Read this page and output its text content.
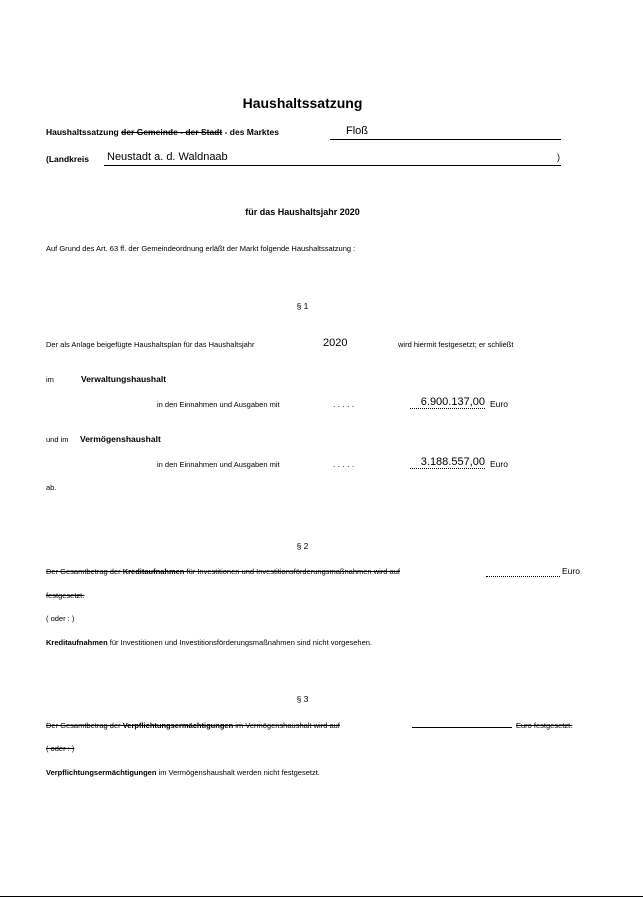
Haushaltssatzung
Haushaltssatzung der Gemeinde - der Stadt - des Marktes	Floß
(Landkreis Neustadt a. d. Waldnaab	)
für das Haushaltsjahr 2020
Auf Grund des Art. 63 ff. der Gemeindeordnung erläßt der Markt folgende Haushaltssatzung :
§ 1
Der als Anlage beigefügte Haushaltsplan für das Haushaltsjahr	2020	wird hiermit festgesetzt; er schließt
im	Verwaltungshaushalt
in den Einnahmen und Ausgaben mit	. . . . .	6.900.137,00 Euro
und im Vermögenshaushalt
in den Einnahmen und Ausgaben mit	. . . . .	3.188.557,00 Euro
ab.
§ 2
Der Gesamtbetrag der Kreditaufnahmen für Investitionen und Investitionsförderungsmaßnahmen wird auf	Euro
festgesetzt.
( oder : )
Kreditaufnahmen für Investitionen und Investitionsförderungsmaßnahmen sind nicht vorgesehen.
§ 3
Der Gesamtbetrag der Verpflichtungsermächtigungen im Vermögenshaushalt wird auf	Euro festgesetzt.
( oder : )
Verpflichtungsermächtigungen im Vermögenshaushalt werden nicht festgesetzt.
